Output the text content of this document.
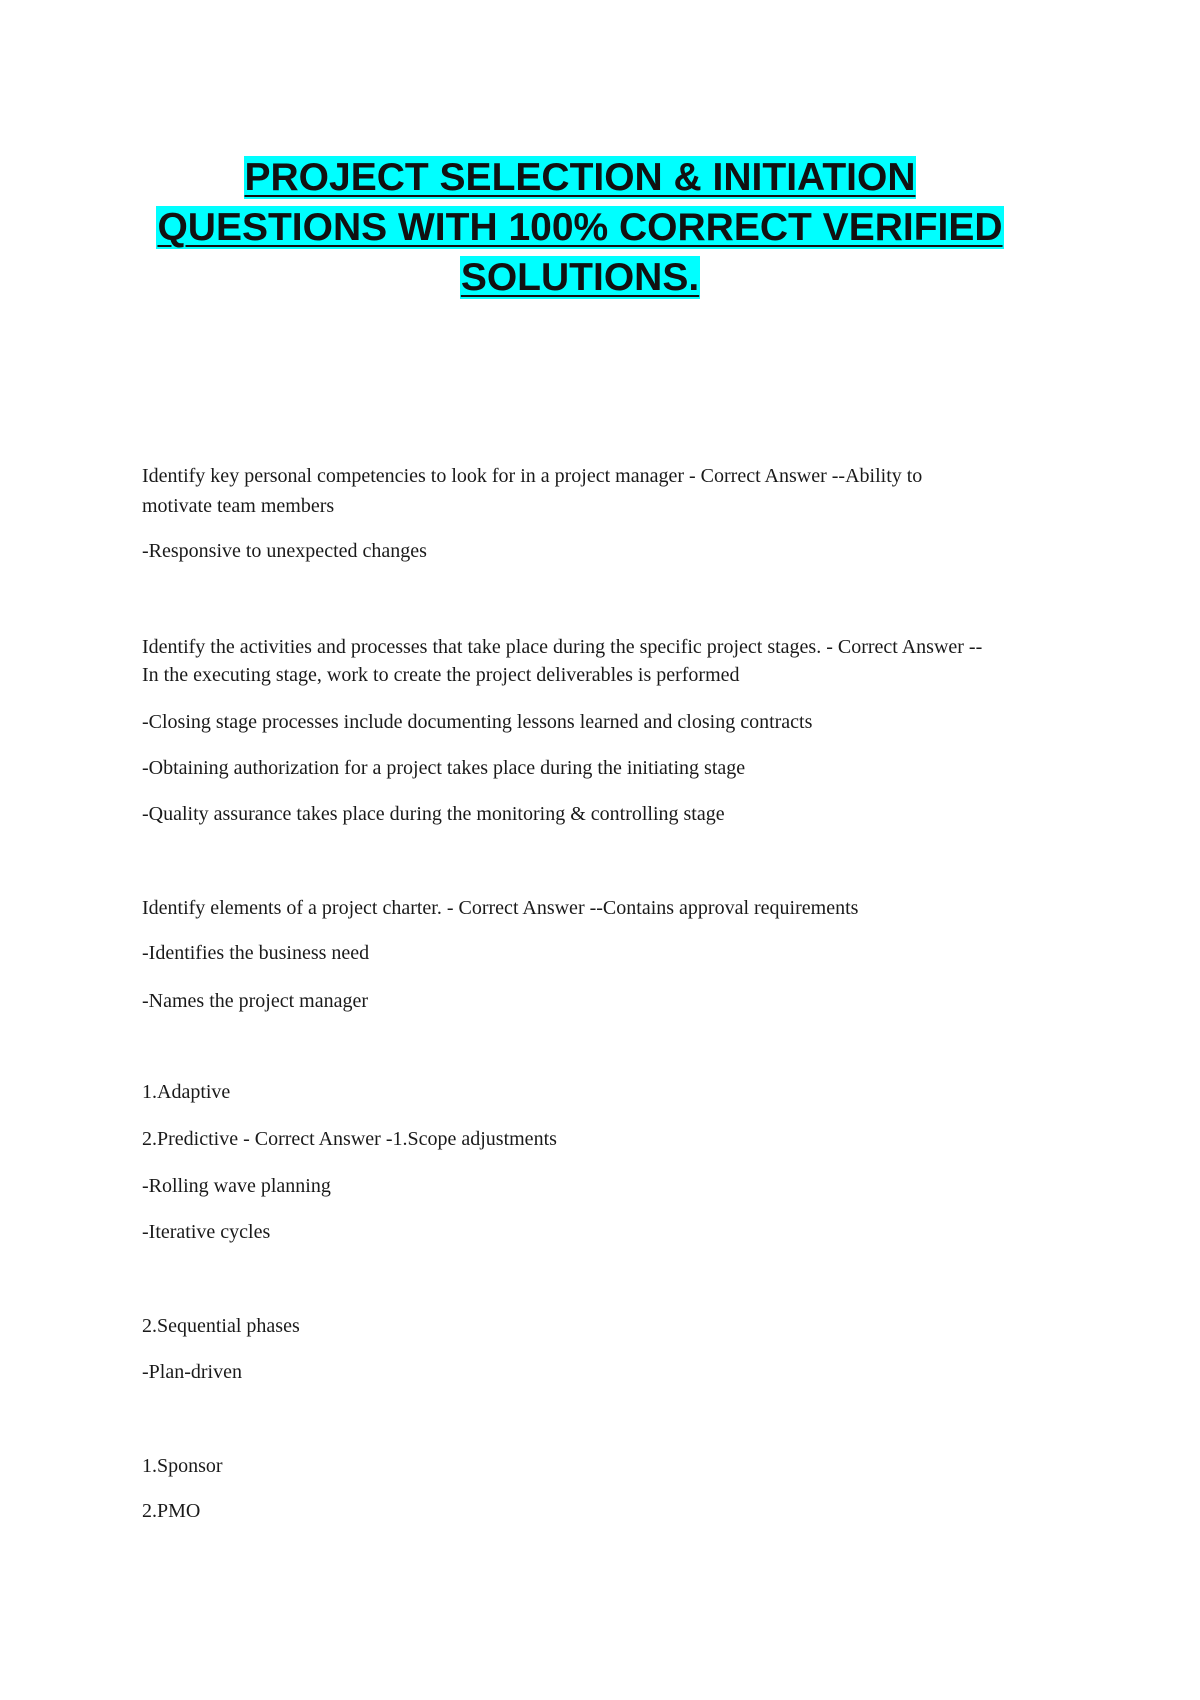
PROJECT SELECTION & INITIATION
QUESTIONS WITH 100% CORRECT VERIFIED
SOLUTIONS.
Identify key personal competencies to look for in a project manager - Correct Answer --Ability to
motivate team members
-Responsive to unexpected changes
Identify the activities and processes that take place during the specific project stages. - Correct Answer --
In the executing stage, work to create the project deliverables is performed
-Closing stage processes include documenting lessons learned and closing contracts
-Obtaining authorization for a project takes place during the initiating stage
-Quality assurance takes place during the monitoring & controlling stage
Identify elements of a project charter. - Correct Answer --Contains approval requirements
-Identifies the business need
-Names the project manager
1.Adaptive
2.Predictive - Correct Answer -1.Scope adjustments
-Rolling wave planning
-Iterative cycles
2.Sequential phases
-Plan-driven
1.Sponsor
2.PMO
